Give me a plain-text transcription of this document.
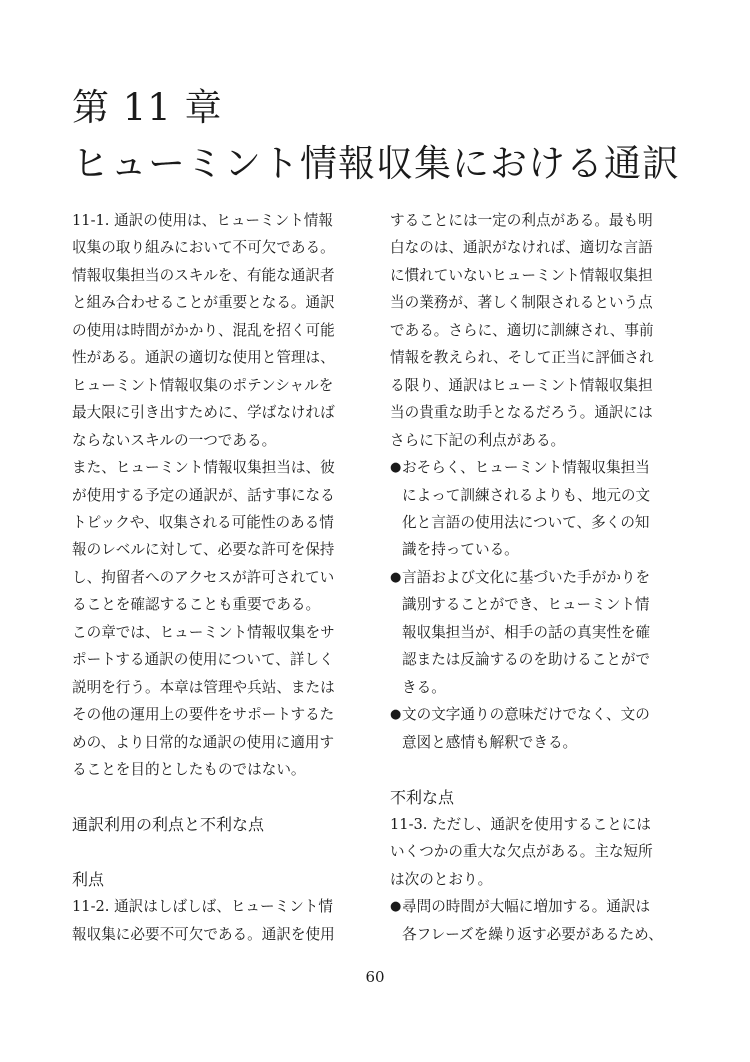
第 11 章
ヒューミント情報収集における通訳

11-1. 通訳の使用は、ヒューミント情報
収集の取り組みにおいて不可欠である。
情報収集担当のスキルを、有能な通訳者
と組み合わせることが重要となる。通訳
の使用は時間がかかり、混乱を招く可能
性がある。通訳の適切な使用と管理は、
ヒューミント情報収集のポテンシャルを
最大限に引き出すために、学ばなければ
ならないスキルの一つである。

また、ヒューミント情報収集担当は、彼
が使用する予定の通訳が、話す事になる
トピックや、収集される可能性のある情
報のレベルに対して、必要な許可を保持
し、拘留者へのアクセスが許可されてい
ることを確認することも重要である。

この章では、ヒューミント情報収集をサ
ポートする通訳の使用について、詳しく
説明を行う。本章は管理や兵站、または
その他の運用上の要件をサポートするた
めの、より日常的な通訳の使用に適用す
ることを目的としたものではない。

通訳利用の利点と不利な点
利点

11-2. 通訳はしばしば、ヒューミント情
報収集に必要不可欠である。通訳を使用

することには一定の利点がある。最も明
白なのは、通訳がなければ、適切な言語
に慣れていないヒューミント情報収集担
当の業務が、著しく制限されるという点
である。さらに、適切に訓練され、事前
情報を教えられ、そして正当に評価され
る限り、通訳はヒューミント情報収集担
当の貴重な助手となるだろう。通訳には
さらに下記の利点がある。

● おそらく、ヒューミント情報収集担当
によって訓練されるよりも、地元の文
化と言語の使用法について、多くの知
識を持っている。
● 言語および文化に基づいた手がかりを
識別することができ、ヒューミント情
報収集担当が、相手の話の真実性を確
認または反論するのを助けることがで
きる。
● 文の文字通りの意味だけでなく、文の
意図と感情も解釈できる。
不利な点

11-3. ただし、通訳を使用することには
いくつかの重大な欠点がある。主な短所
は次のとおり。

● 尋問の時間が大幅に増加する。通訳は
各フレーズを繰り返す必要があるため、
60
